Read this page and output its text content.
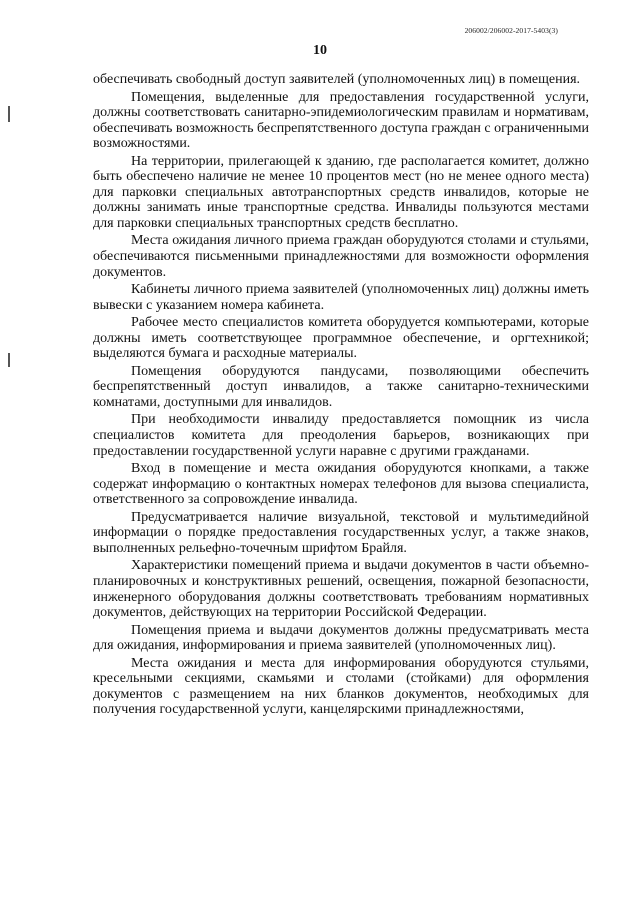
206002/206002-2017-5403(3)
10

обеспечивать свободный доступ заявителей (уполномоченных лиц) в помещения.

Помещения, выделенные для предоставления государственной услуги, должны соответствовать санитарно-эпидемиологическим правилам и нормативам, обеспечивать возможность беспрепятственного доступа граждан с ограниченными возможностями.

На территории, прилегающей к зданию, где располагается комитет, должно быть обеспечено наличие не менее 10 процентов мест (но не менее одного места) для парковки специальных автотранспортных средств инвалидов, которые не должны занимать иные транспортные средства. Инвалиды пользуются местами для парковки специальных транспортных средств бесплатно.

Места ожидания личного приема граждан оборудуются столами и стульями, обеспечиваются письменными принадлежностями для возможности оформления документов.

Кабинеты личного приема заявителей (уполномоченных лиц) должны иметь вывески с указанием номера кабинета.

Рабочее место специалистов комитета оборудуется компьютерами, которые должны иметь соответствующее программное обеспечение, и оргтехникой; выделяются бумага и расходные материалы.

Помещения оборудуются пандусами, позволяющими обеспечить беспрепятственный доступ инвалидов, а также санитарно-техническими комнатами, доступными для инвалидов.

При необходимости инвалиду предоставляется помощник из числа специалистов комитета для преодоления барьеров, возникающих при предоставлении государственной услуги наравне с другими гражданами.

Вход в помещение и места ожидания оборудуются кнопками, а также содержат информацию о контактных номерах телефонов для вызова специалиста, ответственного за сопровождение инвалида.

Предусматривается наличие визуальной, текстовой и мультимедийной информации о порядке предоставления государственных услуг, а также знаков, выполненных рельефно-точечным шрифтом Брайля.

Характеристики помещений приема и выдачи документов в части объемно-планировочных и конструктивных решений, освещения, пожарной безопасности, инженерного оборудования должны соответствовать требованиям нормативных документов, действующих на территории Российской Федерации.

Помещения приема и выдачи документов должны предусматривать места для ожидания, информирования и приема заявителей (уполномоченных лиц).

Места ожидания и места для информирования оборудуются стульями, кресельными секциями, скамьями и столами (стойками) для оформления документов с размещением на них бланков документов, необходимых для получения государственной услуги, канцелярскими принадлежностями,
